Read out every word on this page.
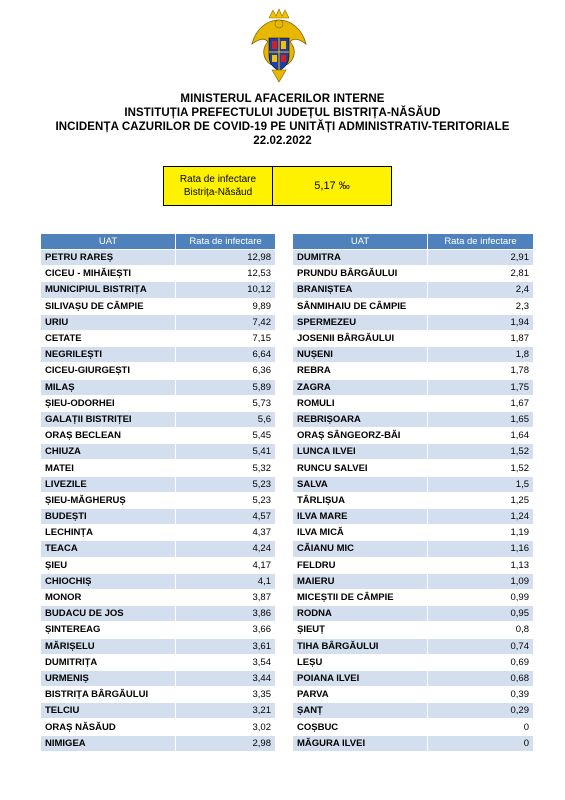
MINISTERUL AFACERILOR INTERNE
INSTITUȚIA PREFECTULUI JUDEȚUL BISTRIȚA-NĂSĂUD
INCIDENȚA CAZURILOR DE COVID-19 PE UNITĂȚI ADMINISTRATIV-TERITORIALE
22.02.2022
Rata de infectare
Bistrița-Năsăud
5,17 ‰
UAT	Rata de infectare
PETRU RAREȘ	12,98
CICEU - MIHĂIEȘTI	12,53
MUNICIPIUL BISTRIȚA	10,12
SILIVAȘU DE CÂMPIE	9,89
URIU	7,42
CETATE	7,15
NEGRILEȘTI	6,64
CICEU-GIURGEȘTI	6,36
MILAȘ	5,89
ȘIEU-ODORHEI	5,73
GALAȚII BISTRIȚEI	5,6
ORAȘ BECLEAN	5,45
CHIUZA	5,41
MATEI	5,32
LIVEZILE	5,23
ȘIEU-MĂGHERUȘ	5,23
BUDEȘTI	4,57
LECHINȚA	4,37
TEACA	4,24
ȘIEU	4,17
CHIOCHIȘ	4,1
MONOR	3,87
BUDACU DE JOS	3,86
ȘINTEREAG	3,66
MĂRIȘELU	3,61
DUMITRIȚA	3,54
URMENIȘ	3,44
BISTRIȚA BÂRGĂULUI	3,35
TELCIU	3,21
ORAȘ NĂSĂUD	3,02
NIMIGEA	2,98
UAT	Rata de infectare
DUMITRA	2,91
PRUNDU BÂRGĂULUI	2,81
BRANIȘTEA	2,4
SÂNMIHAIU DE CÂMPIE	2,3
SPERMEZEU	1,94
JOSENII BÂRGĂULUI	1,87
NUȘENI	1,8
REBRA	1,78
ZAGRA	1,75
ROMULI	1,67
REBRIȘOARA	1,65
ORAȘ SÂNGEORZ-BĂI	1,64
LUNCA ILVEI	1,52
RUNCU SALVEI	1,52
SALVA	1,5
TÂRLIȘUA	1,25
ILVA MARE	1,24
ILVA MICĂ	1,19
CĂIANU MIC	1,16
FELDRU	1,13
MAIERU	1,09
MICEȘTII DE CÂMPIE	0,99
RODNA	0,95
ȘIEUȚ	0,8
TIHA BÂRGĂULUI	0,74
LEȘU	0,69
POIANA ILVEI	0,68
PARVA	0,39
ȘANȚ	0,29
COȘBUC	0
MĂGURA ILVEI	0
